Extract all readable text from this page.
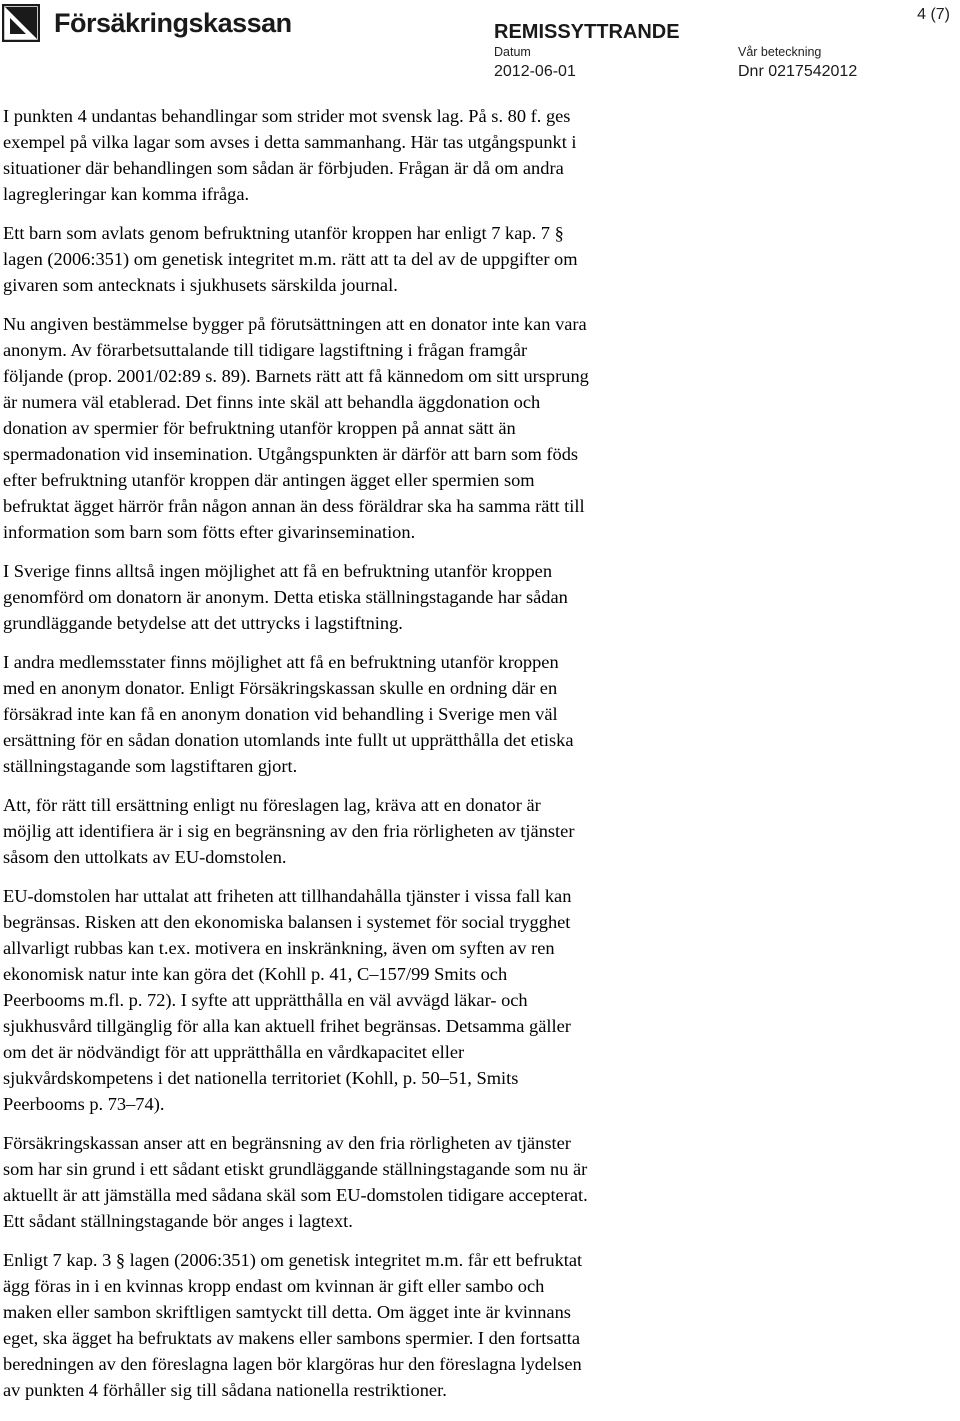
Försäkringskassan	REMISSYTTRANDE
4 (7)
Datum
2012-06-01
Vår beteckning
Dnr 0217542012

I punkten 4 undantas behandlingar som strider mot svensk lag. På s. 80 f. ges
exempel på vilka lagar som avses i detta sammanhang. Här tas utgångspunkt i
situationer där behandlingen som sådan är förbjuden. Frågan är då om andra
lagregleringar kan komma ifråga.

Ett barn som avlats genom befruktning utanför kroppen har enligt 7 kap. 7 §
lagen (2006:351) om genetisk integritet m.m. rätt att ta del av de uppgifter om
givaren som antecknats i sjukhusets särskilda journal.

Nu angiven bestämmelse bygger på förutsättningen att en donator inte kan vara
anonym. Av förarbetsuttalande till tidigare lagstiftning i frågan framgår
följande (prop. 2001/02:89 s. 89). Barnets rätt att få kännedom om sitt ursprung
är numera väl etablerad. Det finns inte skäl att behandla äggdonation och
donation av spermier för befruktning utanför kroppen på annat sätt än
spermadonation vid insemination. Utgångspunkten är därför att barn som föds
efter befruktning utanför kroppen där antingen ägget eller spermien som
befruktat ägget härrör från någon annan än dess föräldrar ska ha samma rätt till
information som barn som fötts efter givarinsemination.

I Sverige finns alltså ingen möjlighet att få en befruktning utanför kroppen
genomförd om donatorn är anonym. Detta etiska ställningstagande har sådan
grundläggande betydelse att det uttrycks i lagstiftning.

I andra medlemsstater finns möjlighet att få en befruktning utanför kroppen
med en anonym donator. Enligt Försäkringskassan skulle en ordning där en
försäkrad inte kan få en anonym donation vid behandling i Sverige men väl
ersättning för en sådan donation utomlands inte fullt ut upprätthålla det etiska
ställningstagande som lagstiftaren gjort.

Att, för rätt till ersättning enligt nu föreslagen lag, kräva att en donator är
möjlig att identifiera är i sig en begränsning av den fria rörligheten av tjänster
såsom den uttolkats av EU-domstolen.

EU-domstolen har uttalat att friheten att tillhandahålla tjänster i vissa fall kan
begränsas. Risken att den ekonomiska balansen i systemet för social trygghet
allvarligt rubbas kan t.ex. motivera en inskränkning, även om syften av ren
ekonomisk natur inte kan göra det (Kohll p. 41, C–157/99 Smits och
Peerbooms m.fl. p. 72). I syfte att upprätthålla en väl avvägd läkar- och
sjukhusvård tillgänglig för alla kan aktuell frihet begränsas. Detsamma gäller
om det är nödvändigt för att upprätthålla en vårdkapacitet eller
sjukvårdskompetens i det nationella territoriet (Kohll, p. 50–51, Smits
Peerbooms p. 73–74).

Försäkringskassan anser att en begränsning av den fria rörligheten av tjänster
som har sin grund i ett sådant etiskt grundläggande ställningstagande som nu är
aktuellt är att jämställa med sådana skäl som EU-domstolen tidigare accepterat.
Ett sådant ställningstagande bör anges i lagtext.

Enligt 7 kap. 3 § lagen (2006:351) om genetisk integritet m.m. får ett befruktat
ägg föras in i en kvinnas kropp endast om kvinnan är gift eller sambo och
maken eller sambon skriftligen samtyckt till detta. Om ägget inte är kvinnans
eget, ska ägget ha befruktats av makens eller sambons spermier. I den fortsatta
beredningen av den föreslagna lagen bör klargöras hur den föreslagna lydelsen
av punkten 4 förhåller sig till sådana nationella restriktioner.
